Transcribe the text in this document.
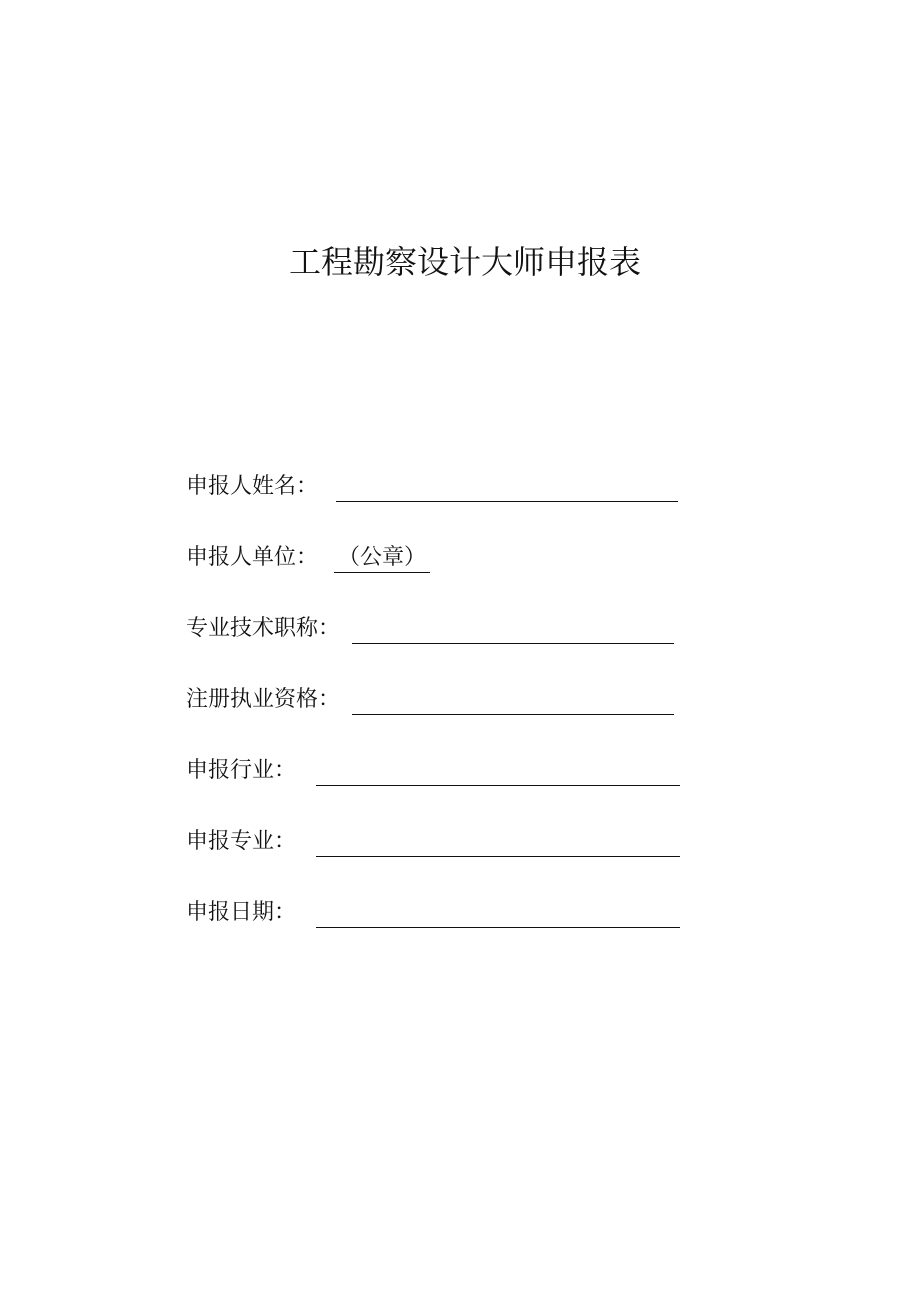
工程勘察设计大师申报表
申报人姓名：
申报人单位： （公章）
专业技术职称：
注册执业资格：
申报行业：
申报专业：
申报日期：
